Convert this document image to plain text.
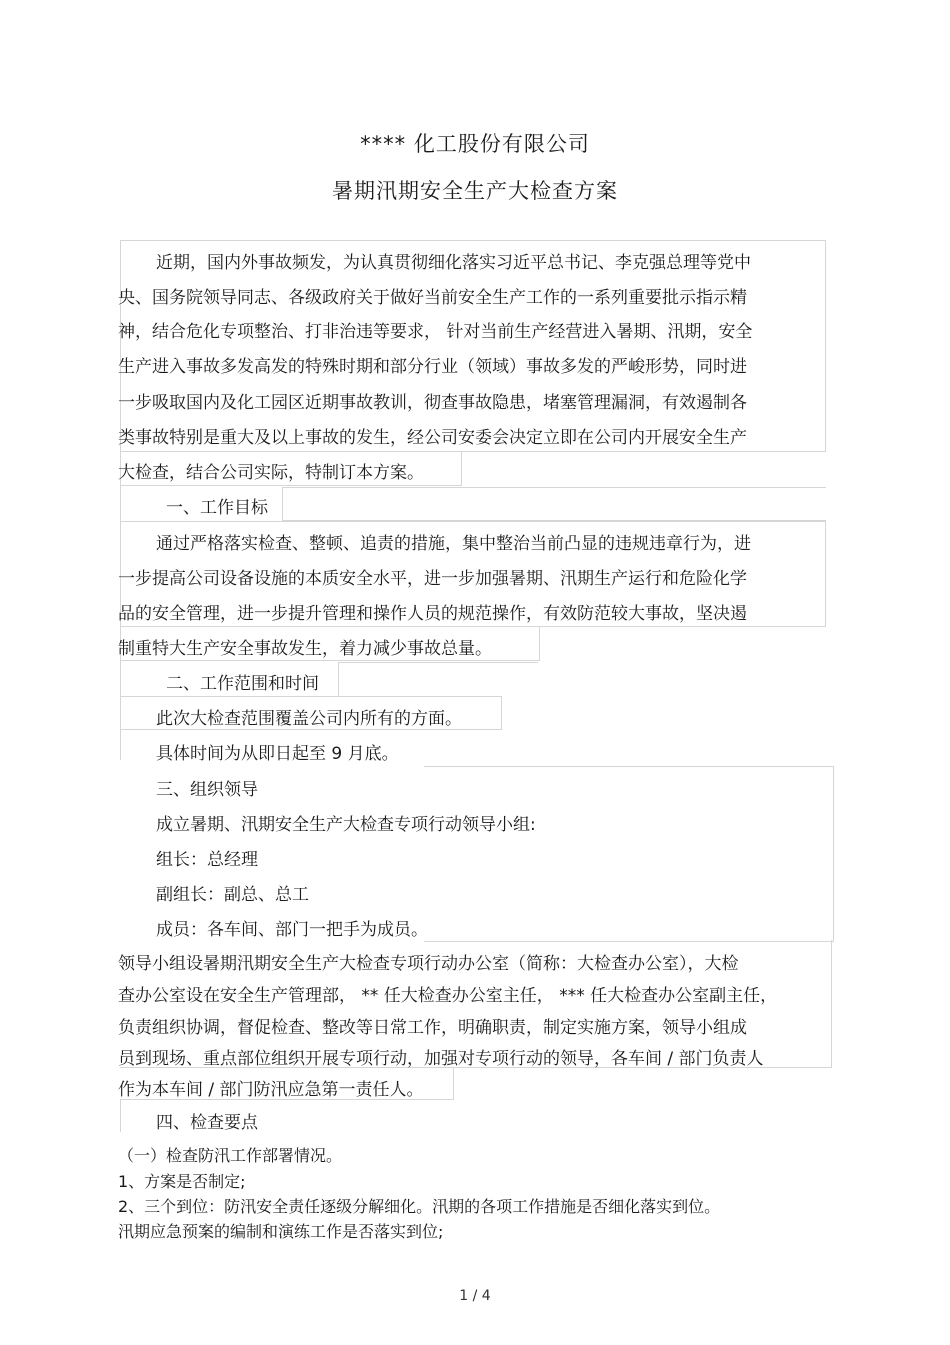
**** 化工股份有限公司
暑期汛期安全生产大检查方案
近期，国内外事故频发，为认真贯彻细化落实习近平总书记、李克强总理等党中
央、国务院领导同志、各级政府关于做好当前安全生产工作的一系列重要批示指示精
神，结合危化专项整治、打非治违等要求， 针对当前生产经营进入暑期、汛期，安全
生产进入事故多发高发的特殊时期和部分行业（领域）事故多发的严峻形势，同时进
一步吸取国内及化工园区近期事故教训，彻查事故隐患，堵塞管理漏洞，有效遏制各
类事故特别是重大及以上事故的发生，经公司安委会决定立即在公司内开展安全生产
大检查，结合公司实际，特制订本方案。
一、工作目标
通过严格落实检查、整顿、追责的措施，集中整治当前凸显的违规违章行为，进
一步提高公司设备设施的本质安全水平，进一步加强暑期、汛期生产运行和危险化学
品的安全管理，进一步提升管理和操作人员的规范操作，有效防范较大事故，坚决遏
制重特大生产安全事故发生，着力减少事故总量。
二、工作范围和时间
此次大检查范围覆盖公司内所有的方面。
具体时间为从即日起至 9 月底。
三、组织领导
成立暑期、汛期安全生产大检查专项行动领导小组:
组长：总经理
副组长：副总、总工
成员：各车间、部门一把手为成员。
领导小组设暑期汛期安全生产大检查专项行动办公室（简称：大检查办公室），大检
查办公室设在安全生产管理部， ** 任大检查办公室主任， *** 任大检查办公室副主任，
负责组织协调，督促检查、整改等日常工作，明确职责，制定实施方案，领导小组成
员到现场、重点部位组织开展专项行动，加强对专项行动的领导，各车间 / 部门负责人
作为本车间 / 部门防汛应急第一责任人。
四、检查要点
（一）检查防汛工作部署情况。
1、方案是否制定;
2、三个到位：防汛安全责任逐级分解细化。汛期的各项工作措施是否细化落实到位。
汛期应急预案的编制和演练工作是否落实到位;
1 / 4
